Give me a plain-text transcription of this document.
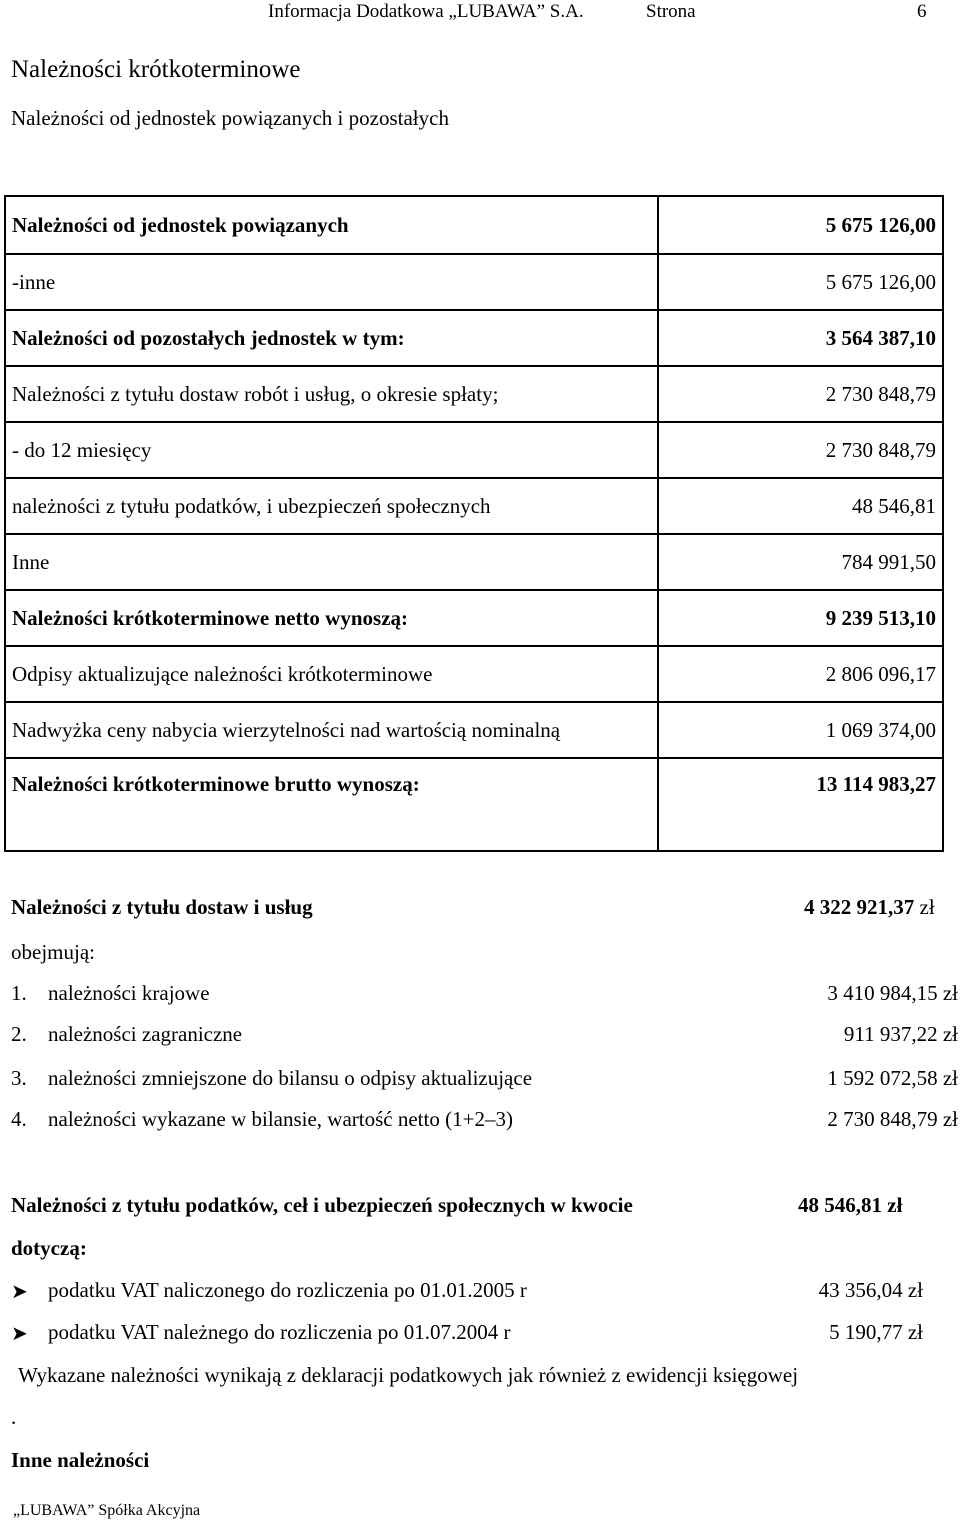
Informacja Dodatkowa „LUBAWA” S.A.	Strona	6
Należności krótkoterminowe
Należności od jednostek powiązanych i pozostałych
Należności od jednostek powiązanych	5 675 126,00
-inne	5 675 126,00
Należności od pozostałych jednostek w tym:	3 564 387,10
Należności z tytułu dostaw robót i usług, o okresie spłaty;	2 730 848,79
- do 12 miesięcy	2 730 848,79
należności z tytułu podatków, i ubezpieczeń społecznych	48 546,81
Inne	784 991,50
Należności krótkoterminowe netto wynoszą:	9 239 513,10
Odpisy aktualizujące należności krótkoterminowe	2 806 096,17
Nadwyżka ceny nabycia wierzytelności nad wartością nominalną	1 069 374,00
Należności krótkoterminowe brutto wynoszą:	13 114 983,27
Należności z tytułu dostaw i usług	4 322 921,37 zł
obejmują:
1. należności krajowe	3 410 984,15 zł
2. należności zagraniczne	911 937,22 zł
3. należności zmniejszone do bilansu o odpisy aktualizujące	1 592 072,58 zł
4. należności wykazane w bilansie, wartość netto (1+2–3)	2 730 848,79 zł
Należności z tytułu podatków, ceł i ubezpieczeń społecznych w kwocie	48 546,81 zł
dotyczą:
➤ podatku VAT naliczonego do rozliczenia po 01.01.2005 r	43 356,04 zł
➤ podatku VAT należnego do rozliczenia po 01.07.2004 r	5 190,77 zł
Wykazane należności wynikają z deklaracji podatkowych jak również z ewidencji księgowej
.
Inne należności
„LUBAWA” Spółka Akcyjna
